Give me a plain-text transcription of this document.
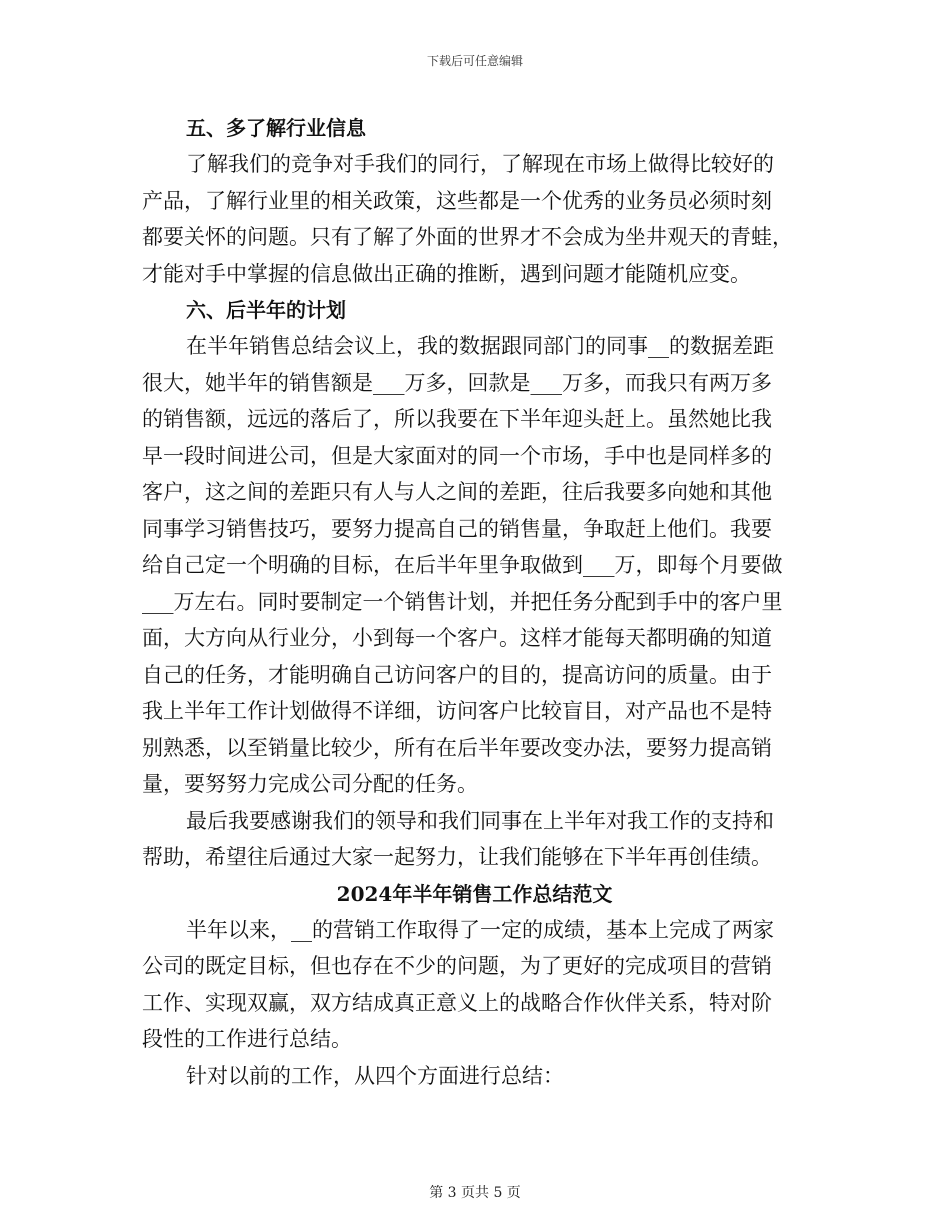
下载后可任意编辑

五、多了解行业信息

了解我们的竞争对手我们的同行，了解现在市场上做得比较好的
产品，了解行业里的相关政策，这些都是一个优秀的业务员必须时刻
都要关怀的问题。只有了解了外面的世界才不会成为坐井观天的青蛙，
才能对手中掌握的信息做出正确的推断，遇到问题才能随机应变。

六、后半年的计划

在半年销售总结会议上，我的数据跟同部门的同事__的数据差距
很大，她半年的销售额是___万多，回款是___万多，而我只有两万多
的销售额，远远的落后了，所以我要在下半年迎头赶上。虽然她比我
早一段时间进公司，但是大家面对的同一个市场，手中也是同样多的
客户，这之间的差距只有人与人之间的差距，往后我要多向她和其他
同事学习销售技巧，要努力提高自己的销售量，争取赶上他们。我要
给自己定一个明确的目标，在后半年里争取做到___万，即每个月要做
___万左右。同时要制定一个销售计划，并把任务分配到手中的客户里
面，大方向从行业分，小到每一个客户。这样才能每天都明确的知道
自己的任务，才能明确自己访问客户的目的，提高访问的质量。由于
我上半年工作计划做得不详细，访问客户比较盲目，对产品也不是特
别熟悉，以至销量比较少，所有在后半年要改变办法，要努力提高销
量，要努努力完成公司分配的任务。

最后我要感谢我们的领导和我们同事在上半年对我工作的支持和
帮助，希望往后通过大家一起努力，让我们能够在下半年再创佳绩。

2024年半年销售工作总结范文

半年以来，__的营销工作取得了一定的成绩，基本上完成了两家
公司的既定目标，但也存在不少的问题，为了更好的完成项目的营销
工作、实现双赢，双方结成真正意义上的战略合作伙伴关系，特对阶
段性的工作进行总结。

针对以前的工作，从四个方面进行总结：

第 3 页共 5 页
